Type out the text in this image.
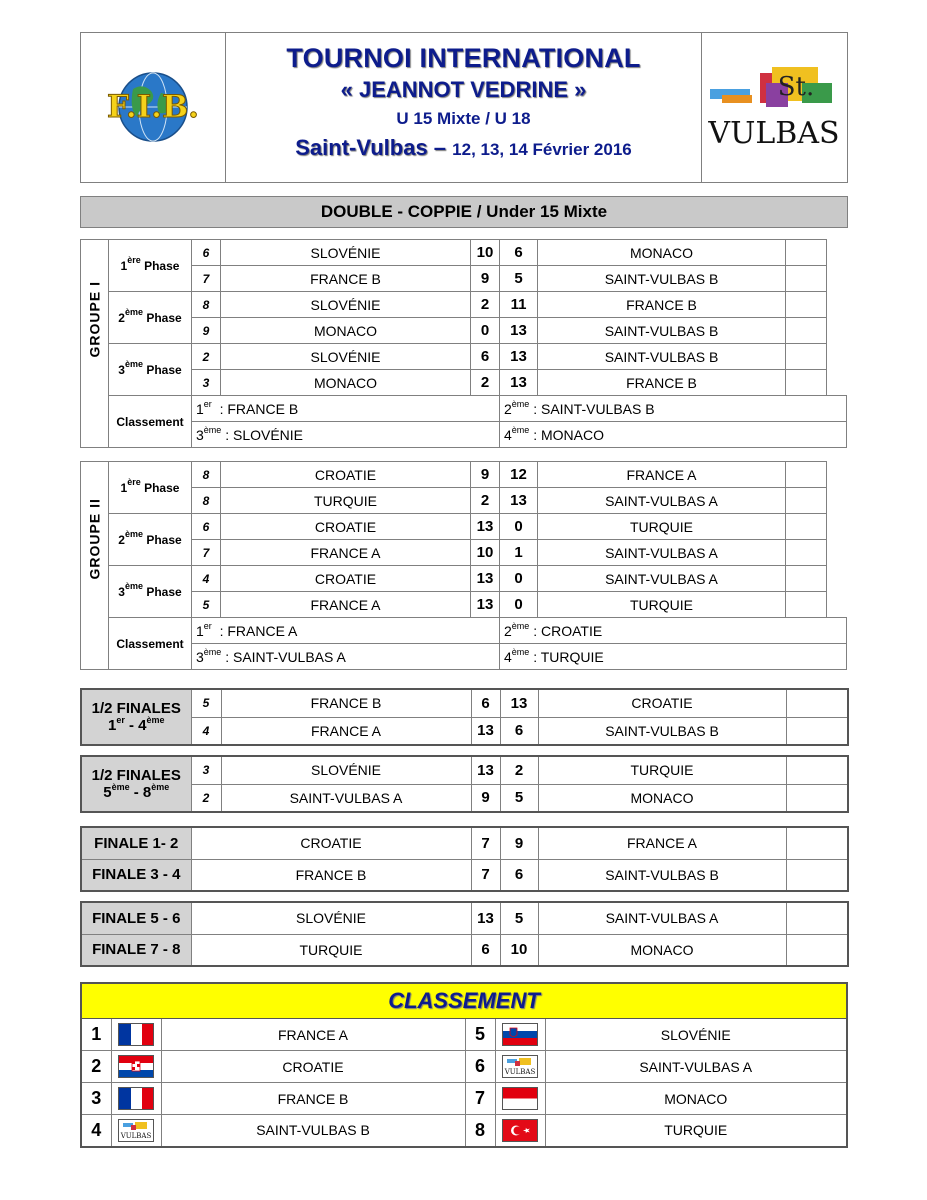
F.I.B.
TOURNOI INTERNATIONAL
« JEANNOT VEDRINE »
U 15 Mixte / U 18
Saint-Vulbas – 12, 13, 14 Février 2016
St.
VULBAS
DOUBLE - COPPIE / Under 15 Mixte
GROUPE I	1ère Phase	6	SLOVÉNIE	10	6	MONACO	
		7	FRANCE B	9	5	SAINT-VULBAS B	
	2ème Phase	8	SLOVÉNIE	2	11	FRANCE B	
		9	MONACO	0	13	SAINT-VULBAS B	
	3ème Phase	2	SLOVÉNIE	6	13	SAINT-VULBAS B	
		3	MONACO	2	13	FRANCE B	
	Classement	1er  : FRANCE B			2ème : SAINT-VULBAS B		
		3ème : SLOVÉNIE			4ème : MONACO		
GROUPE II	1ère Phase	8	CROATIE	9	12	FRANCE A	
		8	TURQUIE	2	13	SAINT-VULBAS A	
	2ème Phase	6	CROATIE	13	0	TURQUIE	
		7	FRANCE A	10	1	SAINT-VULBAS A	
	3ème Phase	4	CROATIE	13	0	SAINT-VULBAS A	
		5	FRANCE A	13	0	TURQUIE	
	Classement	1er  : FRANCE A			2ème : CROATIE		
		3ème : SAINT-VULBAS A			4ème : TURQUIE		
1/2 FINALES
1er - 4ème	5	FRANCE B	6	13	CROATIE	
	4	FRANCE A	13	6	SAINT-VULBAS B	
1/2 FINALES
5ème - 8ème	3	SLOVÉNIE	13	2	TURQUIE	
	2	SAINT-VULBAS A	9	5	MONACO	
FINALE 1- 2	CROATIE	7	9	FRANCE A	
FINALE 3 - 4	FRANCE B	7	6	SAINT-VULBAS B	
FINALE 5 - 6	SLOVÉNIE	13	5	SAINT-VULBAS A	
FINALE 7 - 8	TURQUIE	6	10	MONACO	
CLASSEMENT					
1		FRANCE A	5		SLOVÉNIE
2		CROATIE	6	VULBAS	SAINT-VULBAS A
3		FRANCE B	7		MONACO
4	VULBAS	SAINT-VULBAS B	8		TURQUIE
